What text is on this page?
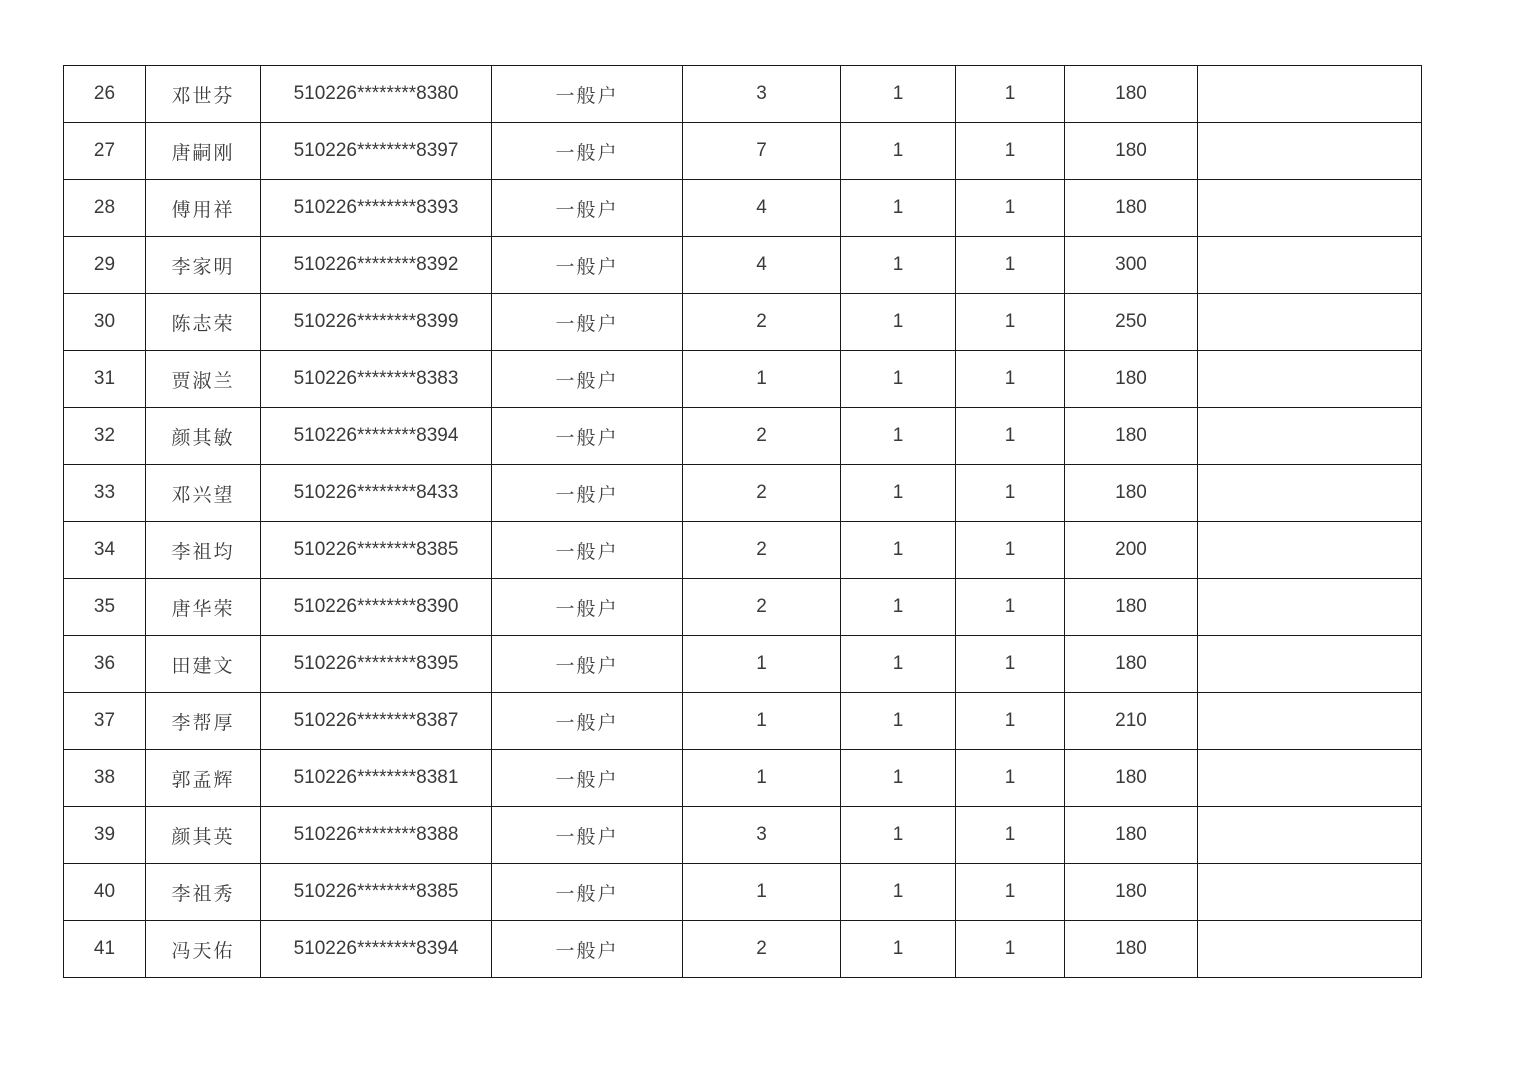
26	邓世芬	510226********8380	一般户	3	1	1	180	
27	唐嗣刚	510226********8397	一般户	7	1	1	180	
28	傅用祥	510226********8393	一般户	4	1	1	180	
29	李家明	510226********8392	一般户	4	1	1	300	
30	陈志荣	510226********8399	一般户	2	1	1	250	
31	贾淑兰	510226********8383	一般户	1	1	1	180	
32	颜其敏	510226********8394	一般户	2	1	1	180	
33	邓兴望	510226********8433	一般户	2	1	1	180	
34	李祖均	510226********8385	一般户	2	1	1	200	
35	唐华荣	510226********8390	一般户	2	1	1	180	
36	田建文	510226********8395	一般户	1	1	1	180	
37	李帮厚	510226********8387	一般户	1	1	1	210	
38	郭孟辉	510226********8381	一般户	1	1	1	180	
39	颜其英	510226********8388	一般户	3	1	1	180	
40	李祖秀	510226********8385	一般户	1	1	1	180	
41	冯天佑	510226********8394	一般户	2	1	1	180	
